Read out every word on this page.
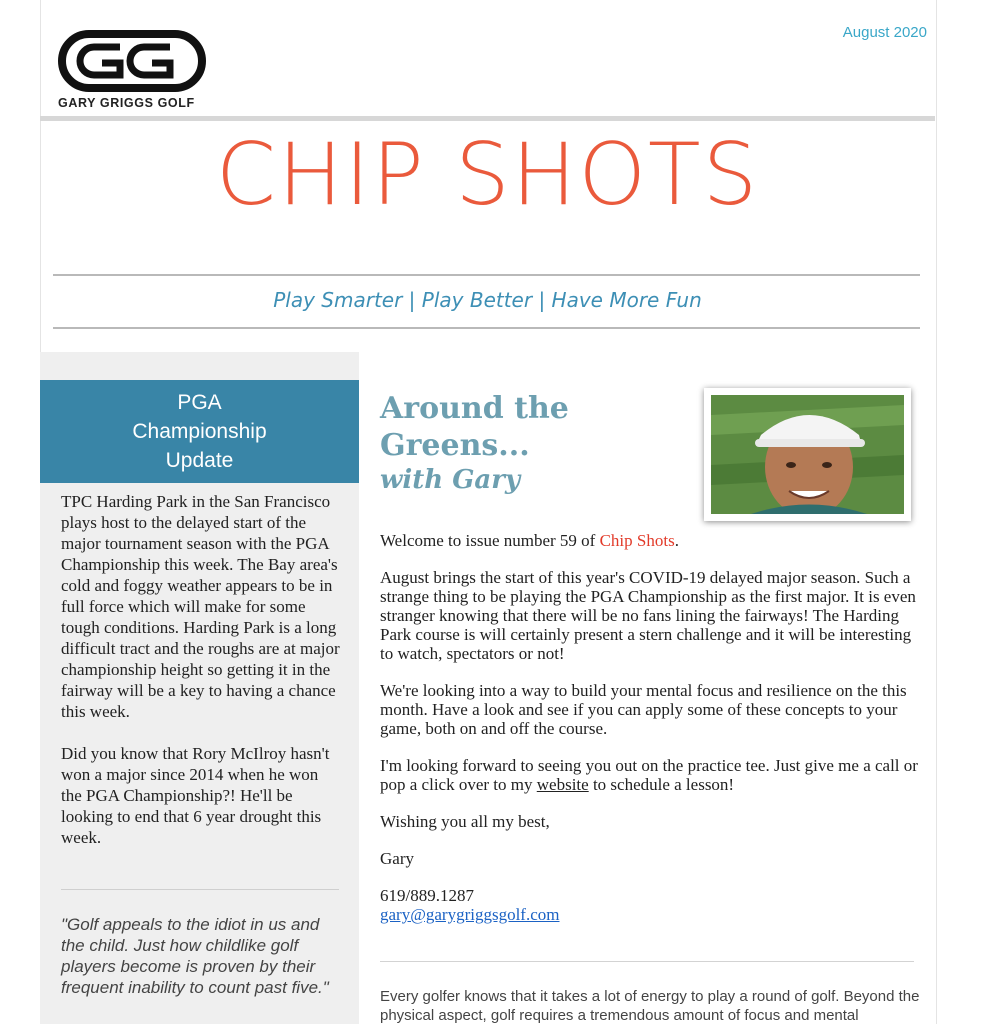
August 2020
GARY GRIGGS GOLF
CHIP SHOTS
Play Smarter | Play Better | Have More Fun
PGA
Championship
Update

TPC Harding Park in the San Francisco plays host to the delayed start of the major tournament season with the PGA Championship this week. The Bay area's cold and foggy weather appears to be in full force which will make for some tough conditions. Harding Park is a long difficult tract and the roughs are at major championship height so getting it in the fairway will be a key to having a chance this week.

Did you know that Rory McIlroy hasn't won a major since 2014 when he won the PGA Championship?! He'll be looking to end that 6 year drought this week.

"Golf appeals to the idiot in us and the child. Just how childlike golf players become is proven by their frequent inability to count past five."
Around the
Greens...
with Gary

Welcome to issue number 59 of Chip Shots.

August brings the start of this year's COVID-19 delayed major season. Such a strange thing to be playing the PGA Championship as the first major. It is even stranger knowing that there will be no fans lining the fairways! The Harding Park course is will certainly present a stern challenge and it will be interesting to watch, spectators or not!

We're looking into a way to build your mental focus and resilience on the this month. Have a look and see if you can apply some of these concepts to your game, both on and off the course.

I'm looking forward to seeing you out on the practice tee. Just give me a call or pop a click over to my website to schedule a lesson!

Wishing you all my best,

Gary

619/889.1287
gary@garygriggsgolf.com

Every golfer knows that it takes a lot of energy to play a round of golf. Beyond the physical aspect, golf requires a tremendous amount of focus and mental
